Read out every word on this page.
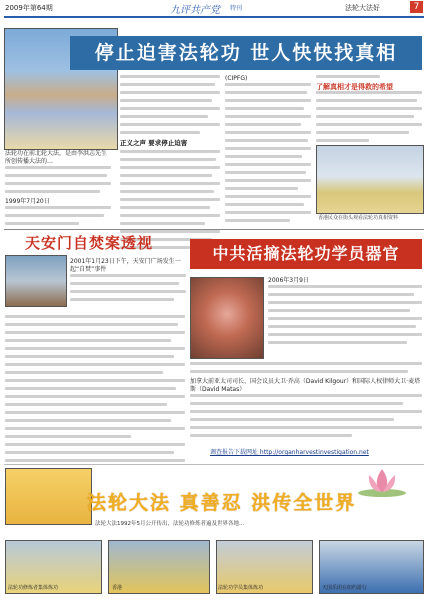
2009年第64期	九评共产党 特刊	法轮大法好	7
停止迫害法轮功 世人快快找真相
法轮功在前北轮大法，是由李洪志先生所创传播大法的…
1999年7月20日
正义之声 要求停止迫害
(CIPFG)
了解真相才是得救的希望
香港民众在街头观看法轮功真相资料
天安门自焚案透视
2001年1月23日下午，天安门广场发生一起“自焚”事件
中共活摘法轮功学员器官
2006年3月9日
加拿大前亚太司司长、国会议员大卫·乔高（David Kilgour）和国际人权律师大卫·麦塔斯（David Matas）
调查报告下载网址 http://organharvestinvestigation.net
法轮大法 真善忍 洪传全世界
法轮大法1992年5月公开传出，法轮功修炼者遍及世界各地…
法轮功修炼者集体炼功	香港	法轮功学员集体炼功	天国乐团在纽约游行
